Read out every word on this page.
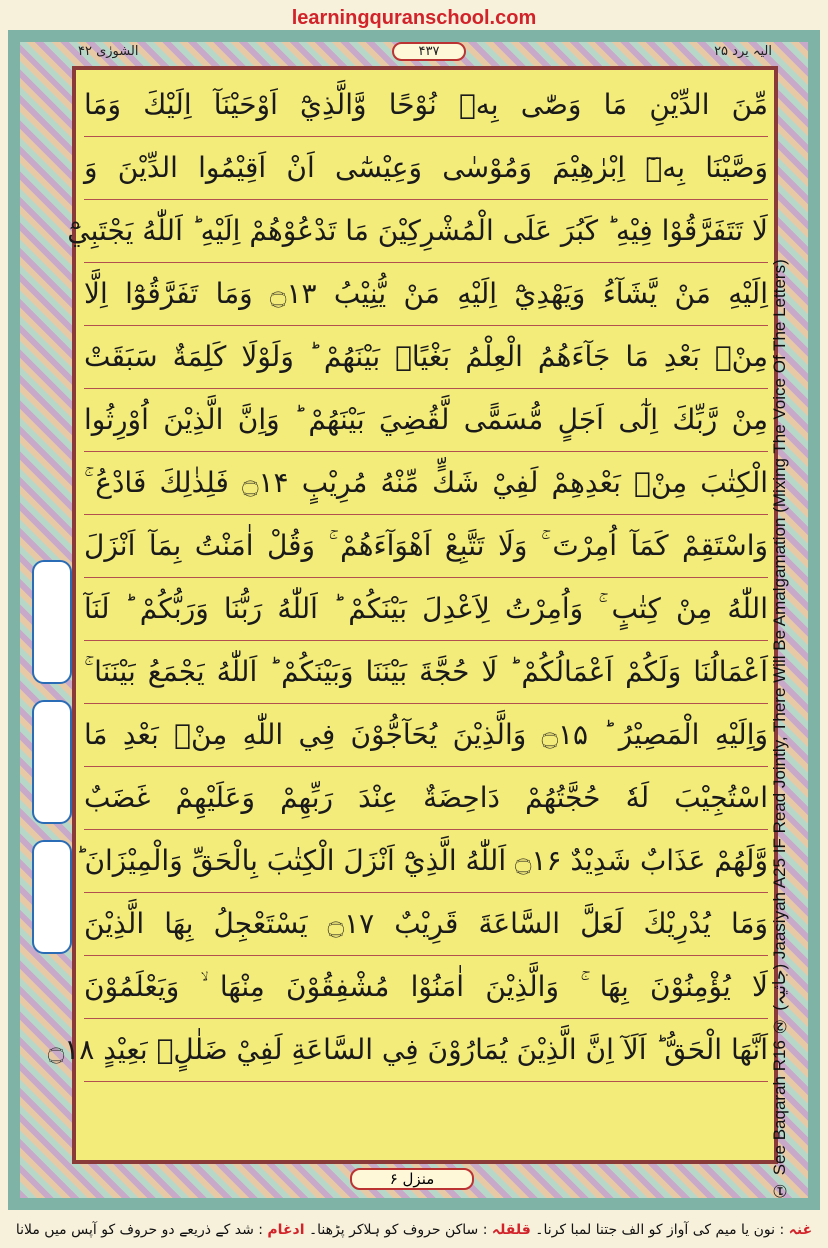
learningquranschool.com
الشورٰى ۴۲	۴۳۷	الیہ یرد ۲۵
مِّنَ الدِّيْنِ مَا وَصّٰى بِهٖ نُوْحًا وَّالَّذِيْٓ اَوْحَيْنَآ اِلَيْكَ وَمَا
وَصَّيْنَا بِهٖٓ اِبْرٰهِيْمَ وَمُوْسٰى وَعِيْسٰٓى اَنْ اَقِيْمُوا الدِّيْنَ وَ
لَا تَتَفَرَّقُوْا فِيْهِ ؕ كَبُرَ عَلَى الْمُشْرِكِيْنَ مَا تَدْعُوْهُمْ اِلَيْهِ ؕ اَللّٰهُ يَجْتَبِيْٓ
اِلَيْهِ مَنْ يَّشَآءُ وَيَهْدِيْٓ اِلَيْهِ مَنْ يُّنِيْبُ ۝۱۳ وَمَا تَفَرَّقُوْٓا اِلَّا
مِنْۢ بَعْدِ مَا جَآءَهُمُ الْعِلْمُ بَغْيًاۢ بَيْنَهُمْ ؕ وَلَوْلَا كَلِمَةٌ سَبَقَتْ
مِنْ رَّبِّكَ اِلٰٓى اَجَلٍ مُّسَمًّى لَّقُضِيَ بَيْنَهُمْ ؕ وَاِنَّ الَّذِيْنَ اُوْرِثُوا
الْكِتٰبَ مِنْۢ بَعْدِهِمْ لَفِيْ شَكٍّ مِّنْهُ مُرِيْبٍ ۝۱۴ فَلِذٰلِكَ فَادْعُ ۚ
وَاسْتَقِمْ كَمَآ اُمِرْتَ ۚ وَلَا تَتَّبِعْ اَهْوَآءَهُمْ ۚ وَقُلْ اٰمَنْتُ بِمَآ اَنْزَلَ
اللّٰهُ مِنْ كِتٰبٍ ۚ وَاُمِرْتُ لِاَعْدِلَ بَيْنَكُمْ ؕ اَللّٰهُ رَبُّنَا وَرَبُّكُمْ ؕ لَنَآ
اَعْمَالُنَا وَلَكُمْ اَعْمَالُكُمْ ؕ لَا حُجَّةَ بَيْنَنَا وَبَيْنَكُمْ ؕ اَللّٰهُ يَجْمَعُ بَيْنَنَا ۚ
وَاِلَيْهِ الْمَصِيْرُ ؕ ۝۱۵ وَالَّذِيْنَ يُحَآجُّوْنَ فِي اللّٰهِ مِنْۢ بَعْدِ مَا
اسْتُجِيْبَ لَهٗ حُجَّتُهُمْ دَاحِضَةٌ عِنْدَ رَبِّهِمْ وَعَلَيْهِمْ غَضَبٌ
وَّلَهُمْ عَذَابٌ شَدِيْدٌ ۝۱۶ اَللّٰهُ الَّذِيْٓ اَنْزَلَ الْكِتٰبَ بِالْحَقِّ وَالْمِيْزَانَ ؕ
وَمَا يُدْرِيْكَ لَعَلَّ السَّاعَةَ قَرِيْبٌ ۝۱۷ يَسْتَعْجِلُ بِهَا الَّذِيْنَ
لَا يُؤْمِنُوْنَ بِهَا ۚ وَالَّذِيْنَ اٰمَنُوْا مُشْفِقُوْنَ مِنْهَا ۙ وَيَعْلَمُوْنَ
اَنَّهَا الْحَقُّ ؕ اَلَآ اِنَّ الَّذِيْنَ يُمَارُوْنَ فِي السَّاعَةِ لَفِيْ ضَلٰلٍۢ بَعِيْدٍ ۝۱۸
منزل ۶	① See Baqarah R16 ② (جاثیہ) Jaasiyah A25 IF Read Jointly, There Will Be Amalgamation (Mixing The Voice Of The Letters)
غنہ : نون یا میم کی آواز کو الف جتنا لمبا کرنا۔ قلقلہ : ساکن حروف کو ہلاکر پڑھنا۔ ادغام : شد کے ذریعے دو حروف کو آپس میں ملانا
